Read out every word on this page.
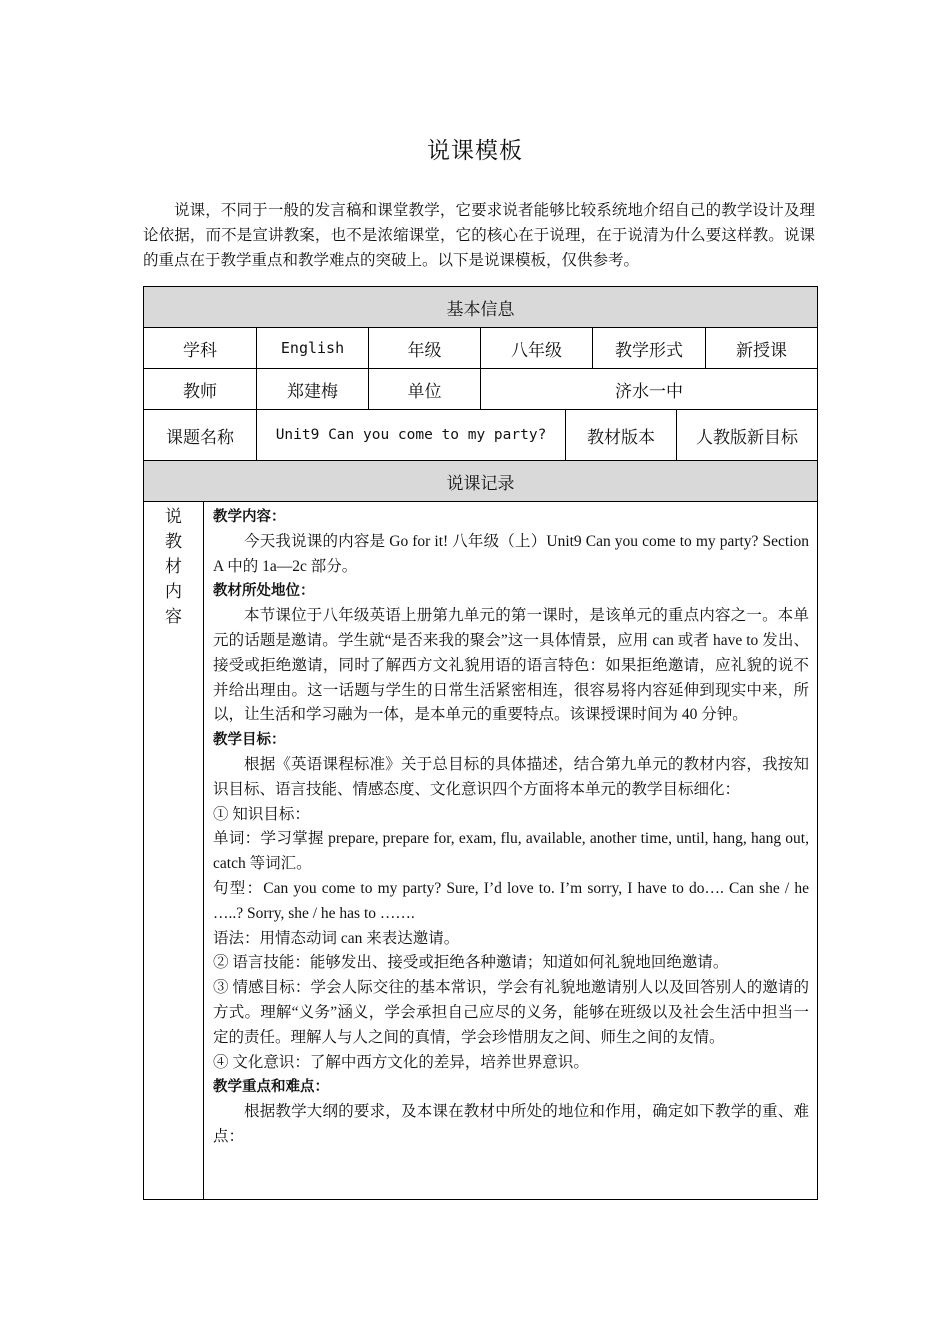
说课模板

说课，不同于一般的发言稿和课堂教学，它要求说者能够比较系统地介绍自己的教学设计及理论依据，而不是宣讲教案，也不是浓缩课堂，它的核心在于说理，在于说清为什么要这样教。说课的重点在于教学重点和教学难点的突破上。以下是说课模板，仅供参考。

基本信息
学科	English	年级	八年级	教学形式	新授课
教师	郑建梅	单位	济水一中
课题名称	Unit9 Can you come to my party?	教材版本	人教版新目标
说课记录
说
教
材
内
容

教学内容：

今天我说课的内容是 Go for it! 八年级（上）Unit9 Can you come to my party? Section A 中的 1a—2c 部分。

教材所处地位：

本节课位于八年级英语上册第九单元的第一课时，是该单元的重点内容之一。本单元的话题是邀请。学生就“是否来我的聚会”这一具体情景，应用 can 或者 have to 发出、接受或拒绝邀请，同时了解西方文礼貌用语的语言特色：如果拒绝邀请，应礼貌的说不并给出理由。这一话题与学生的日常生活紧密相连，很容易将内容延伸到现实中来，所以，让生活和学习融为一体，是本单元的重要特点。该课授课时间为 40 分钟。

教学目标：

根据《英语课程标准》关于总目标的具体描述，结合第九单元的教材内容，我按知识目标、语言技能、情感态度、文化意识四个方面将本单元的教学目标细化：

① 知识目标：

单词：学习掌握 prepare, prepare for, exam, flu, available, another time, until, hang, hang out, catch 等词汇。

句型：Can you come to my party? Sure, I’d love to. I’m sorry, I have to do…. Can she / he …..? Sorry, she / he has to …….

语法：用情态动词 can 来表达邀请。

② 语言技能：能够发出、接受或拒绝各种邀请；知道如何礼貌地回绝邀请。

③ 情感目标：学会人际交往的基本常识，学会有礼貌地邀请别人以及回答别人的邀请的方式。理解“义务”涵义，学会承担自己应尽的义务，能够在班级以及社会生活中担当一定的责任。理解人与人之间的真情，学会珍惜朋友之间、师生之间的友情。

④ 文化意识：了解中西方文化的差异，培养世界意识。

教学重点和难点：

根据教学大纲的要求，及本课在教材中所处的地位和作用，确定如下教学的重、难点：
